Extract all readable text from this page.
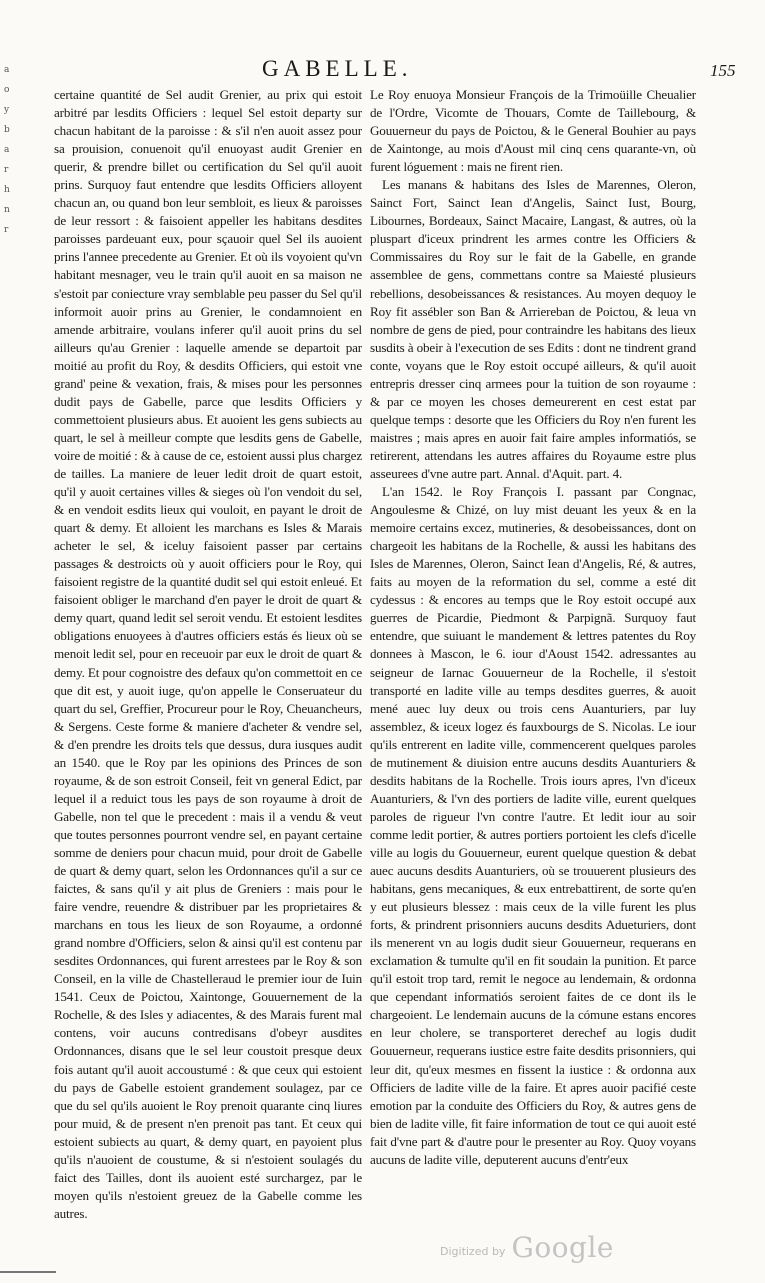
a
o
y
b
a
r
h
n
r
GABELLE.	155

certaine quantité de Sel audit Grenier, au prix qui estoit arbitré par lesdits Officiers : lequel Sel estoit departy sur chacun habitant de la paroisse : & s'il n'en auoit assez pour sa prouision, conuenoit qu'il enuoyast audit Grenier en querir, & prendre billet ou certification du Sel qu'il auoit prins. Surquoy faut entendre que lesdits Officiers alloyent chacun an, ou quand bon leur sembloit, es lieux & paroisses de leur ressort : & faisoient appeller les habitans desdites paroisses pardeuant eux, pour sçauoir quel Sel ils auoient prins l'annee precedente au Grenier. Et où ils voyoient qu'vn habitant mesnager, veu le train qu'il auoit en sa maison ne s'estoit par coniecture vray semblable peu passer du Sel qu'il informoit auoir prins au Grenier, le condamnoient en amende arbitraire, voulans inferer qu'il auoit prins du sel ailleurs qu'au Grenier : laquelle amende se departoit par moitié au profit du Roy, & desdits Officiers, qui estoit vne grand' peine & vexation, frais, & mises pour les personnes dudit pays de Gabelle, parce que lesdits Officiers y commettoient plusieurs abus. Et auoient les gens subiects au quart, le sel à meilleur compte que lesdits gens de Gabelle, voire de moitié : & à cause de ce, estoient aussi plus chargez de tailles. La maniere de leuer ledit droit de quart estoit, qu'il y auoit certaines villes & sieges où l'on vendoit du sel, & en vendoit esdits lieux qui vouloit, en payant le droit de quart & demy. Et alloient les marchans es Isles & Marais acheter le sel, & iceluy faisoient passer par certains passages & destroicts où y auoit officiers pour le Roy, qui faisoient registre de la quantité dudit sel qui estoit enleué. Et faisoient obliger le marchand d'en payer le droit de quart & demy quart, quand ledit sel seroit vendu. Et estoient lesdites obligations enuoyees à d'autres officiers estás és lieux où se menoit ledit sel, pour en receuoir par eux le droit de quart & demy. Et pour cognoistre des defaux qu'on commettoit en ce que dit est, y auoit iuge, qu'on appelle le Conseruateur du quart du sel, Greffier, Procureur pour le Roy, Cheuancheurs, & Sergens. Ceste forme & maniere d'acheter & vendre sel, & d'en prendre les droits tels que dessus, dura iusques audit an 1540. que le Roy par les opinions des Princes de son royaume, & de son estroit Conseil, feit vn general Edict, par lequel il a reduict tous les pays de son royaume à droit de Gabelle, non tel que le precedent : mais il a vendu & veut que toutes personnes pourront vendre sel, en payant certaine somme de deniers pour chacun muid, pour droit de Gabelle de quart & demy quart, selon les Ordonnances qu'il a sur ce faictes, & sans qu'il y ait plus de Greniers : mais pour le faire vendre, reuendre & distribuer par les proprietaires & marchans en tous les lieux de son Royaume, a ordonné grand nombre d'Officiers, selon & ainsi qu'il est contenu par sesdites Ordonnances, qui furent arrestees par le Roy & son Conseil, en la ville de Chastelleraud le premier iour de Iuin 1541. Ceux de Poictou, Xaintonge, Gouuernement de la Rochelle, & des Isles y adiacentes, & des Marais furent mal contens, voir aucuns contredisans d'obeyr ausdites Ordonnances, disans que le sel leur coustoit presque deux fois autant qu'il auoit accoustumé : & que ceux qui estoient du pays de Gabelle estoient grandement soulagez, par ce que du sel qu'ils auoient le Roy prenoit quarante cinq liures pour muid, & de present n'en prenoit pas tant. Et ceux qui estoient subiects au quart, & demy quart, en payoient plus qu'ils n'auoient de coustume, & si n'estoient soulagés du faict des Tailles, dont ils auoient esté surchargez, par le moyen qu'ils n'estoient greuez de la Gabelle comme les autres.

Le Roy enuoya Monsieur François de la Trimoüille Cheualier de l'Ordre, Vicomte de Thouars, Comte de Taillebourg, & Gouuerneur du pays de Poictou, & le General Bouhier au pays de Xaintonge, au mois d'Aoust mil cinq cens quarante-vn, où furent lóguement : mais ne firent rien.

Les manans & habitans des Isles de Marennes, Oleron, Sainct Fort, Sainct Iean d'Angelis, Sainct Iust, Bourg, Libournes, Bordeaux, Sainct Macaire, Langast, & autres, où la pluspart d'iceux prindrent les armes contre les Officiers & Commissaires du Roy sur le fait de la Gabelle, en grande assemblee de gens, commettans contre sa Maiesté plusieurs rebellions, desobeissances & resistances. Au moyen dequoy le Roy fit assébler son Ban & Arriereban de Poictou, & leua vn nombre de gens de pied, pour contraindre les habitans des lieux susdits à obeir à l'execution de ses Edits : dont ne tindrent grand conte, voyans que le Roy estoit occupé ailleurs, & qu'il auoit entrepris dresser cinq armees pour la tuition de son royaume : & par ce moyen les choses demeurerent en cest estat par quelque temps : desorte que les Officiers du Roy n'en furent les maistres ; mais apres en auoir fait faire amples informatiós, se retirerent, attendans les autres affaires du Royaume estre plus asseurees d'vne autre part. Annal. d'Aquit. part. 4.

L'an 1542. le Roy François I. passant par Congnac, Angoulesme & Chizé, on luy mist deuant les yeux & en la memoire certains excez, mutineries, & desobeissances, dont on chargeoit les habitans de la Rochelle, & aussi les habitans des Isles de Marennes, Oleron, Sainct Iean d'Angelis, Ré, & autres, faits au moyen de la reformation du sel, comme a esté dit cydessus : & encores au temps que le Roy estoit occupé aux guerres de Picardie, Piedmont & Parpignã. Surquoy faut entendre, que suiuant le mandement & lettres patentes du Roy donnees à Mascon, le 6. iour d'Aoust 1542. adressantes au seigneur de Iarnac Gouuerneur de la Rochelle, il s'estoit transporté en ladite ville au temps desdites guerres, & auoit mené auec luy deux ou trois cens Auanturiers, par luy assemblez, & iceux logez és fauxbourgs de S. Nicolas. Le iour qu'ils entrerent en ladite ville, commencerent quelques paroles de mutinement & diuision entre aucuns desdits Auanturiers & desdits habitans de la Rochelle. Trois iours apres, l'vn d'iceux Auanturiers, & l'vn des portiers de ladite ville, eurent quelques paroles de rigueur l'vn contre l'autre. Et ledit iour au soir comme ledit portier, & autres portiers portoient les clefs d'icelle ville au logis du Gouuerneur, eurent quelque question & debat auec aucuns desdits Auanturiers, où se trouuerent plusieurs des habitans, gens mecaniques, & eux entrebattirent, de sorte qu'en y eut plusieurs blessez : mais ceux de la ville furent les plus forts, & prindrent prisonniers aucuns desdits Adueturiers, dont ils menerent vn au logis dudit sieur Gouuerneur, requerans en exclamation & tumulte qu'il en fit soudain la punition. Et parce qu'il estoit trop tard, remit le negoce au lendemain, & ordonna que cependant informatiós seroient faites de ce dont ils le chargeoient. Le lendemain aucuns de la cómune estans encores en leur cholere, se transporteret derechef au logis dudit Gouuerneur, requerans iustice estre faite desdits prisonniers, qui leur dit, qu'eux mesmes en fissent la iustice : & ordonna aux Officiers de ladite ville de la faire. Et apres auoir pacifié ceste emotion par la conduite des Officiers du Roy, & autres gens de bien de ladite ville, fit faire information de tout ce qui auoit esté fait d'vne part & d'autre pour le presenter au Roy. Quoy voyans aucuns de ladite ville, deputerent aucuns d'entr'eux

Digitized by Google
